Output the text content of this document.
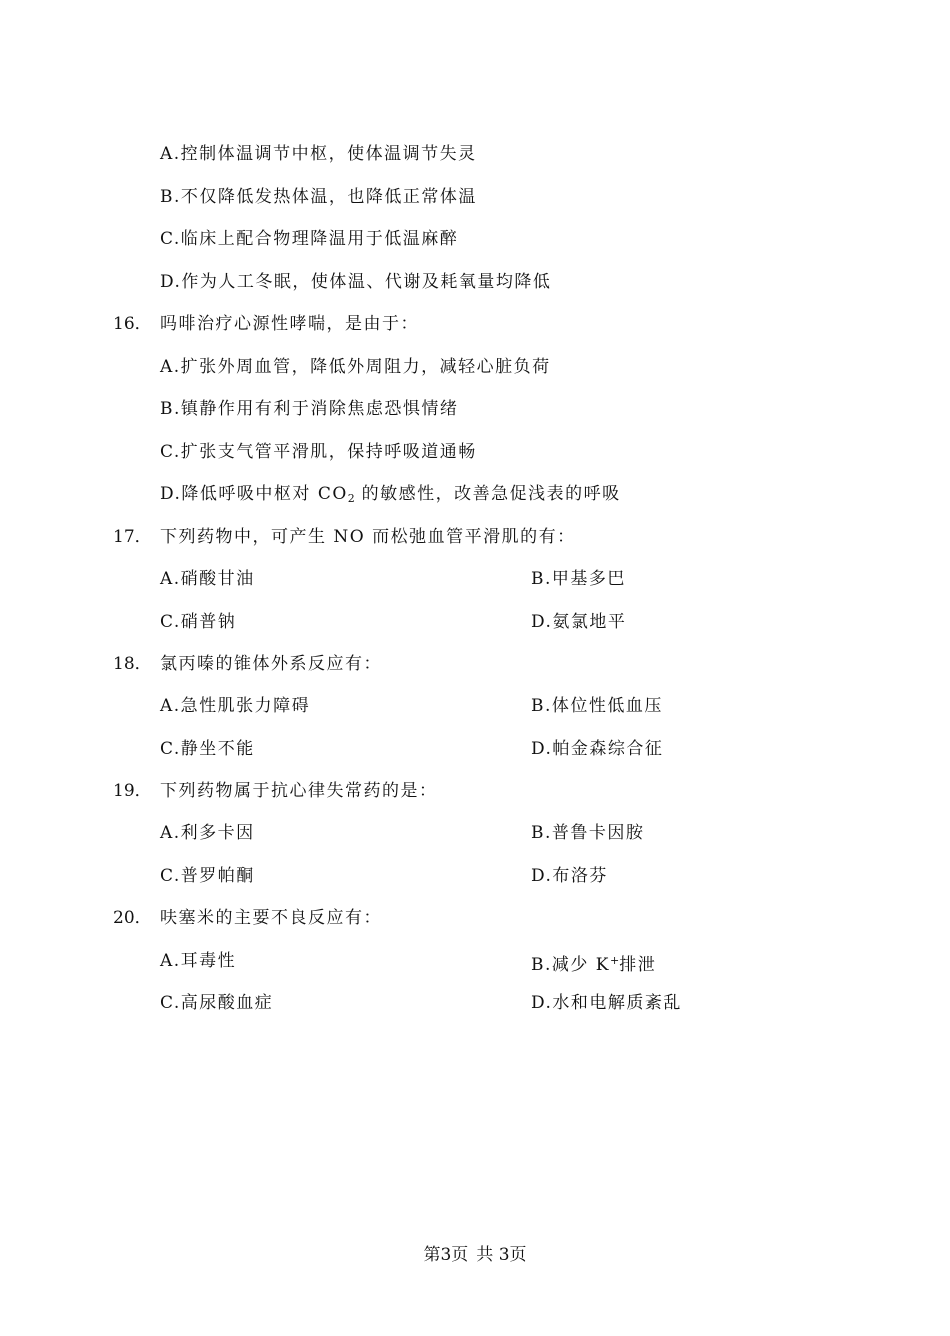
A.控制体温调节中枢，使体温调节失灵
B.不仅降低发热体温，也降低正常体温
C.临床上配合物理降温用于低温麻醉
D.作为人工冬眠，使体温、代谢及耗氧量均降低
16． 吗啡治疗心源性哮喘，是由于：
A.扩张外周血管，降低外周阻力，减轻心脏负荷
B.镇静作用有利于消除焦虑恐惧情绪
C.扩张支气管平滑肌，保持呼吸道通畅
D.降低呼吸中枢对 $CO_2$ 的敏感性，改善急促浅表的呼吸
17． 下列药物中，可产生 NO 而松弛血管平滑肌的有：
A.硝酸甘油	B.甲基多巴
C.硝普钠	D.氨氯地平
18． 氯丙嗪的锥体外系反应有：
A.急性肌张力障碍	B.体位性低血压
C.静坐不能	D.帕金森综合征
19． 下列药物属于抗心律失常药的是：
A.利多卡因	B.普鲁卡因胺
C.普罗帕酮	D.布洛芬
20． 呋塞米的主要不良反应有：
A.耳毒性	B.减少 K+排泄
C.高尿酸血症	D.水和电解质紊乱
第3页 共 3页
